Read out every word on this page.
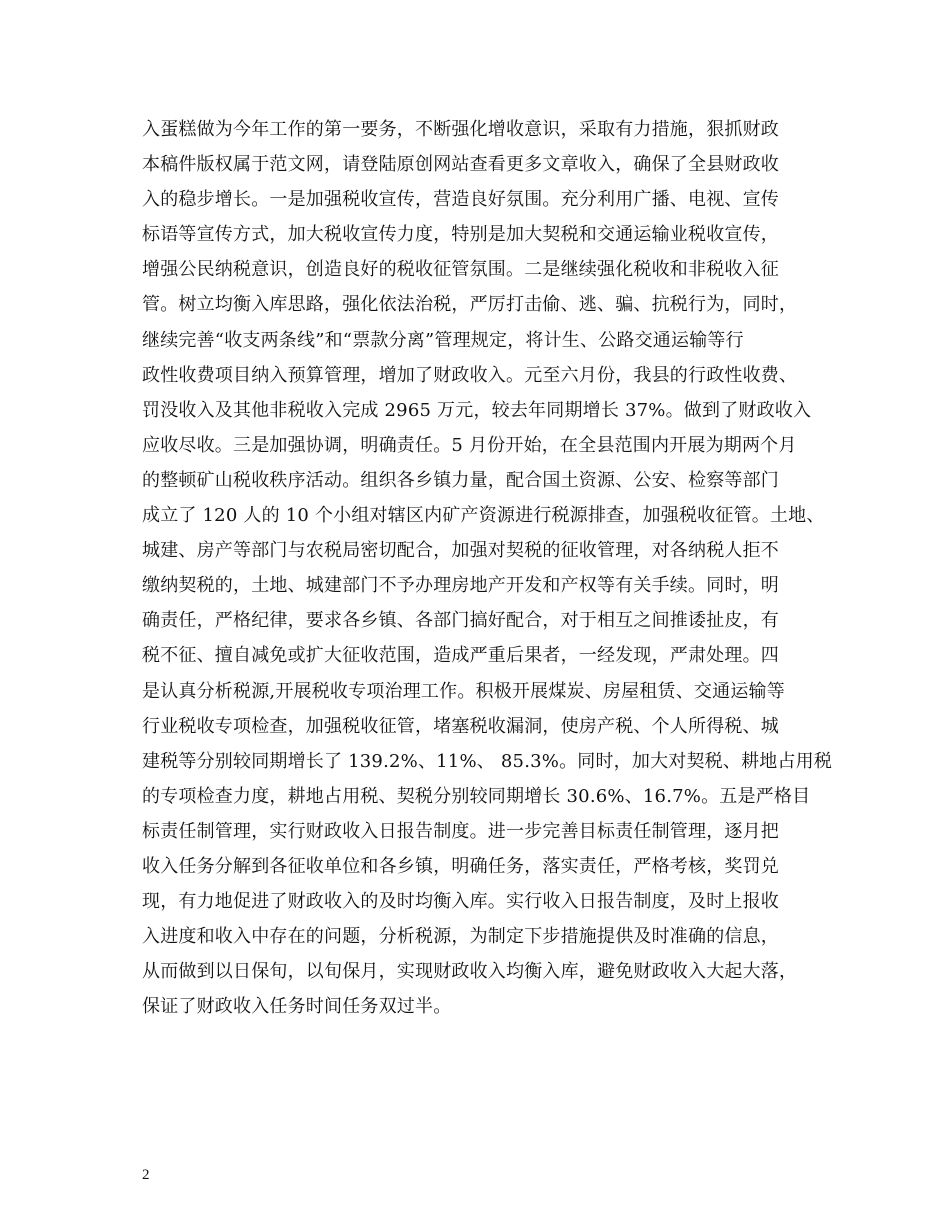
入蛋糕做为今年工作的第一要务，不断强化增收意识，采取有力措施，狠抓财政
本稿件版权属于范文网，请登陆原创网站查看更多文章收入，确保了全县财政收
入的稳步增长。一是加强税收宣传，营造良好氛围。充分利用广播、电视、宣传
标语等宣传方式，加大税收宣传力度，特别是加大契税和交通运输业税收宣传，
增强公民纳税意识，创造良好的税收征管氛围。二是继续强化税收和非税收入征
管。树立均衡入库思路，强化依法治税，严厉打击偷、逃、骗、抗税行为，同时，
继续完善“收支两条线”和“票款分离”管理规定，将计生、公路交通运输等行
政性收费项目纳入预算管理，增加了财政收入。元至六月份，我县的行政性收费、
罚没收入及其他非税收入完成 2965 万元，较去年同期增长 37%。做到了财政收入
应收尽收。三是加强协调，明确责任。5 月份开始，在全县范围内开展为期两个月
的整顿矿山税收秩序活动。组织各乡镇力量，配合国土资源、公安、检察等部门
成立了 120 人的 10 个小组对辖区内矿产资源进行税源排查，加强税收征管。土地、
城建、房产等部门与农税局密切配合，加强对契税的征收管理，对各纳税人拒不
缴纳契税的，土地、城建部门不予办理房地产开发和产权等有关手续。同时，明
确责任，严格纪律，要求各乡镇、各部门搞好配合，对于相互之间推诿扯皮，有
税不征、擅自减免或扩大征收范围，造成严重后果者，一经发现，严肃处理。四
是认真分析税源,开展税收专项治理工作。积极开展煤炭、房屋租赁、交通运输等
行业税收专项检查，加强税收征管，堵塞税收漏洞，使房产税、个人所得税、城
建税等分别较同期增长了 139.2%、11%、 85.3%。同时，加大对契税、耕地占用税
的专项检查力度，耕地占用税、契税分别较同期增长 30.6%、16.7%。五是严格目
标责任制管理，实行财政收入日报告制度。进一步完善目标责任制管理，逐月把
收入任务分解到各征收单位和各乡镇，明确任务，落实责任，严格考核，奖罚兑
现，有力地促进了财政收入的及时均衡入库。实行收入日报告制度，及时上报收
入进度和收入中存在的问题，分析税源，为制定下步措施提供及时准确的信息，
从而做到以日保旬，以旬保月，实现财政收入均衡入库，避免财政收入大起大落，
保证了财政收入任务时间任务双过半。
2
